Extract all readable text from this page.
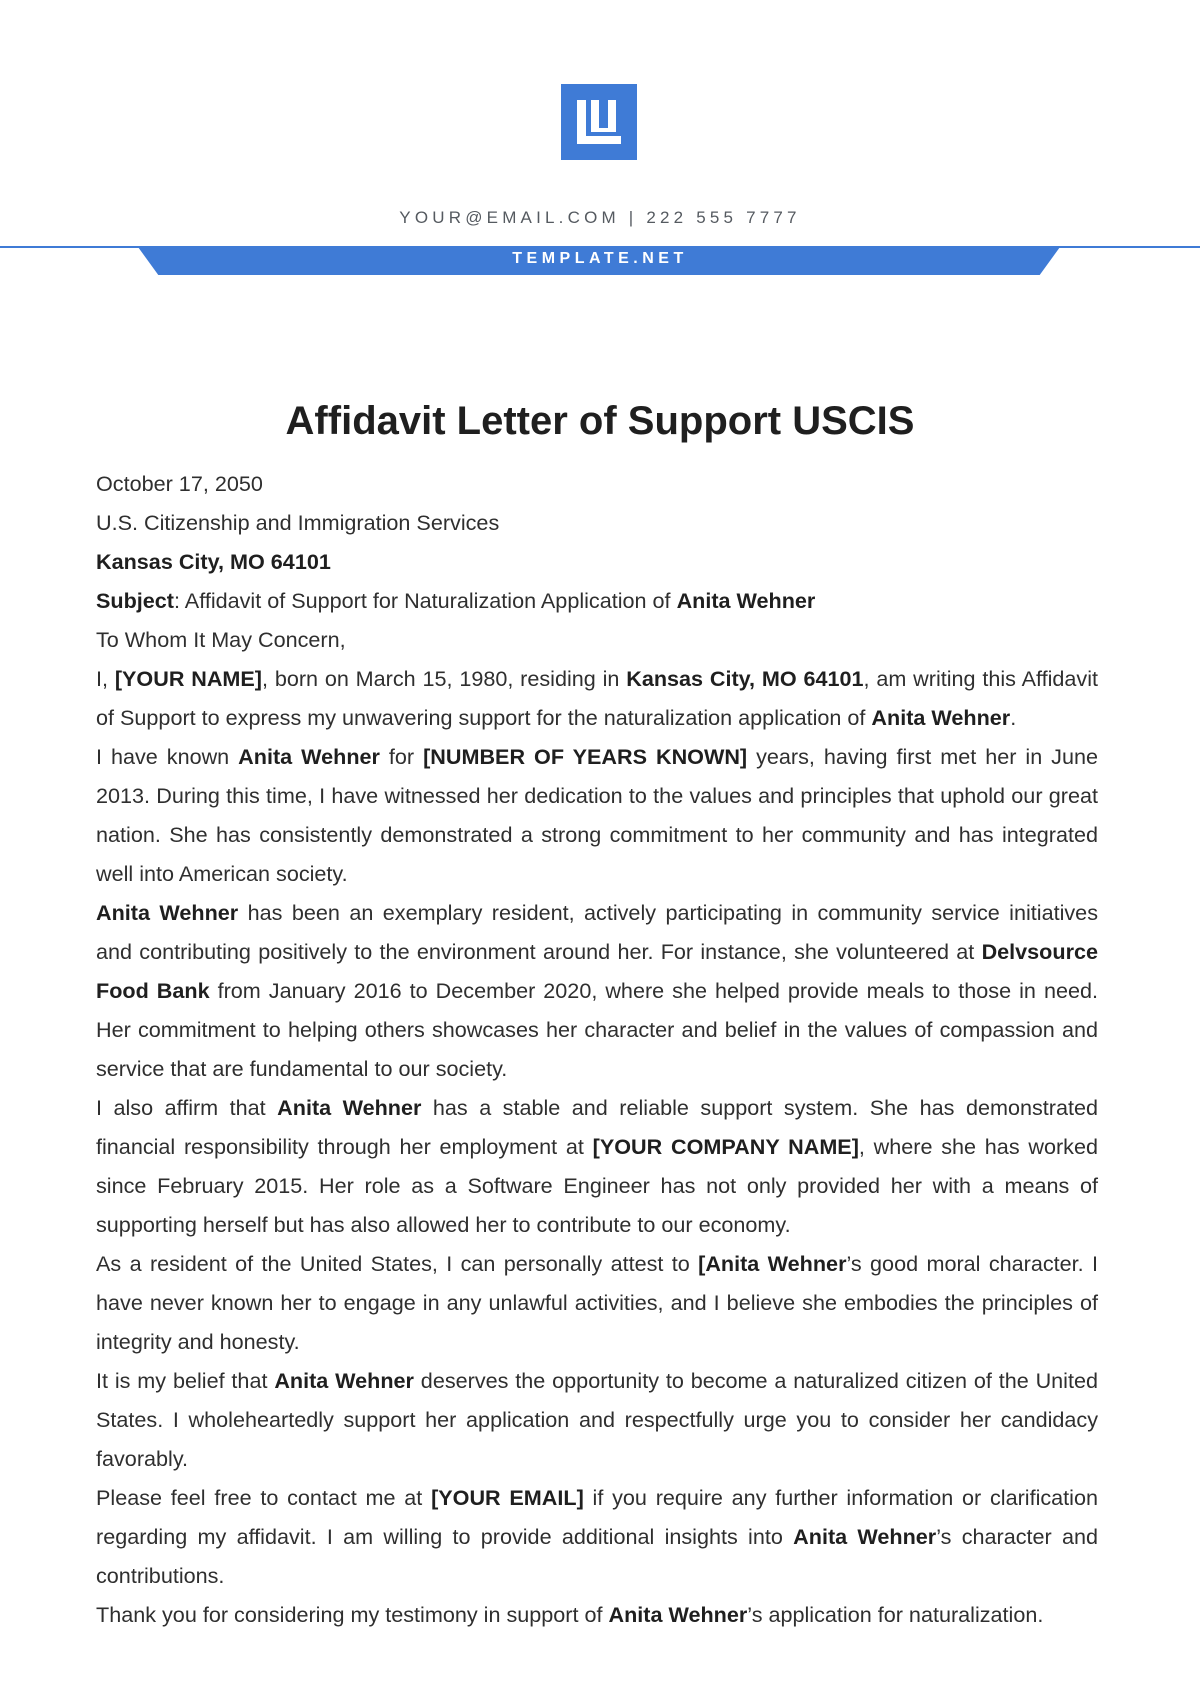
YOUR@EMAIL.COM | 222 555 7777
TEMPLATE.NET
Affidavit Letter of Support USCIS

October 17, 2050

U.S. Citizenship and Immigration Services

Kansas City, MO 64101

Subject: Affidavit of Support for Naturalization Application of Anita Wehner

To Whom It May Concern,

I, [YOUR NAME], born on March 15, 1980, residing in Kansas City, MO 64101, am writing this Affidavit of Support to express my unwavering support for the naturalization application of Anita Wehner.

I have known Anita Wehner for [NUMBER OF YEARS KNOWN] years, having first met her in June 2013. During this time, I have witnessed her dedication to the values and principles that uphold our great nation. She has consistently demonstrated a strong commitment to her community and has integrated well into American society.

Anita Wehner has been an exemplary resident, actively participating in community service initiatives and contributing positively to the environment around her. For instance, she volunteered at Delvsource Food Bank from January 2016 to December 2020, where she helped provide meals to those in need. Her commitment to helping others showcases her character and belief in the values of compassion and service that are fundamental to our society.

I also affirm that Anita Wehner has a stable and reliable support system. She has demonstrated financial responsibility through her employment at [YOUR COMPANY NAME], where she has worked since February 2015. Her role as a Software Engineer has not only provided her with a means of supporting herself but has also allowed her to contribute to our economy.

As a resident of the United States, I can personally attest to [Anita Wehner’s good moral character. I have never known her to engage in any unlawful activities, and I believe she embodies the principles of integrity and honesty.

It is my belief that Anita Wehner deserves the opportunity to become a naturalized citizen of the United States. I wholeheartedly support her application and respectfully urge you to consider her candidacy favorably.

Please feel free to contact me at [YOUR EMAIL] if you require any further information or clarification regarding my affidavit. I am willing to provide additional insights into Anita Wehner’s character and contributions.

Thank you for considering my testimony in support of Anita Wehner’s application for naturalization.
